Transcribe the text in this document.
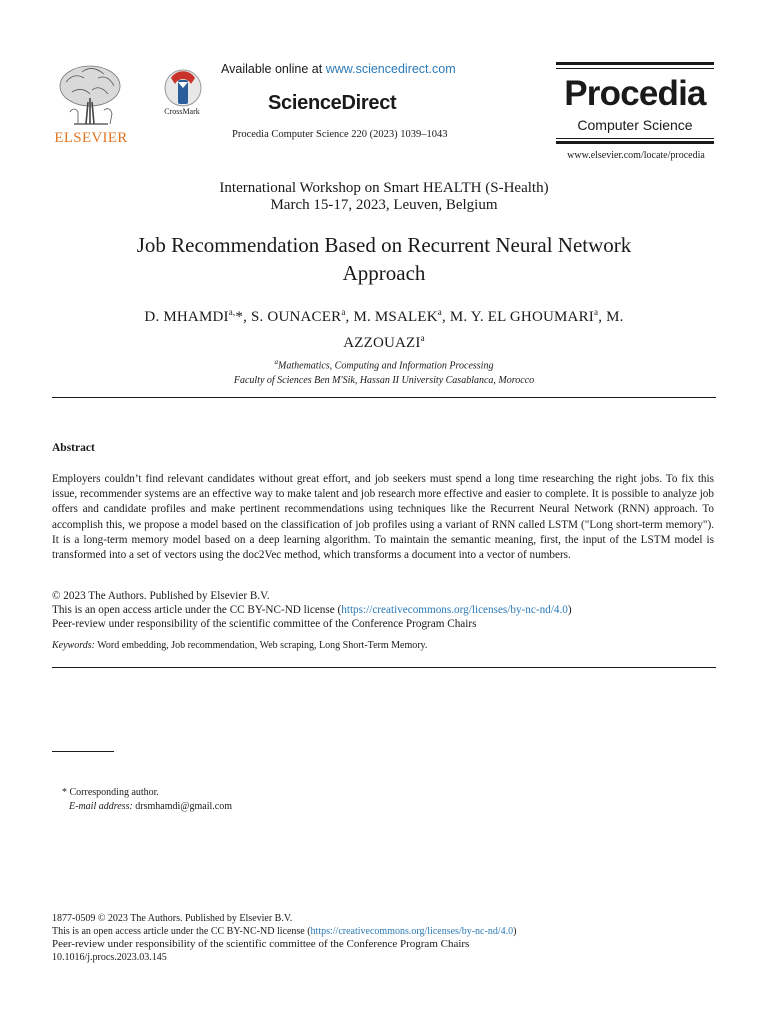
ELSEVIER
CrossMark
Available online at www.sciencedirect.com
ScienceDirect
Procedia Computer Science 220 (2023) 1039–1043
Procedia
Computer Science
www.elsevier.com/locate/procedia
International Workshop on Smart HEALTH (S-Health)
March 15-17, 2023, Leuven, Belgium
Job Recommendation Based on Recurrent Neural Network
Approach
D. $MHAMDI^{a,}*$, S. OUNACER$^a$, M. MSALEK$^a$, M. Y. EL GHOUMARI$^a$, M.
AZZOUAZI$^a$
$^a$Mathematics, Computing and Information Processing
Faculty of Sciences Ben M'Sik, Hassan II University Casablanca, Morocco
Abstract
Employers couldn’t find relevant candidates without great effort, and job seekers must spend a long time researching the right jobs. To fix this issue, recommender systems are an effective way to make talent and job research more effective and easier to complete. It is possible to analyze job offers and candidate profiles and make pertinent recommendations using techniques like the Recurrent Neural Network (RNN) approach. To accomplish this, we propose a model based on the classification of job profiles using a variant of RNN called LSTM ("Long short-term memory"). It is a long-term memory model based on a deep learning algorithm. To maintain the semantic meaning, first, the input of the LSTM model is transformed into a set of vectors using the doc2Vec method, which transforms a document into a vector of numbers.
© 2023 The Authors. Published by Elsevier B.V.
This is an open access article under the CC BY-NC-ND license (https://creativecommons.org/licenses/by-nc-nd/4.0)
Peer-review under responsibility of the scientific committee of the Conference Program Chairs
Keywords: Word embedding, Job recommendation, Web scraping, Long Short-Term Memory.
* Corresponding author.
E-mail address: drsmhamdi@gmail.com
1877-0509 © 2023 The Authors. Published by Elsevier B.V.
This is an open access article under the CC BY-NC-ND license (https://creativecommons.org/licenses/by-nc-nd/4.0)
Peer-review under responsibility of the scientific committee of the Conference Program Chairs
10.1016/j.procs.2023.03.145
